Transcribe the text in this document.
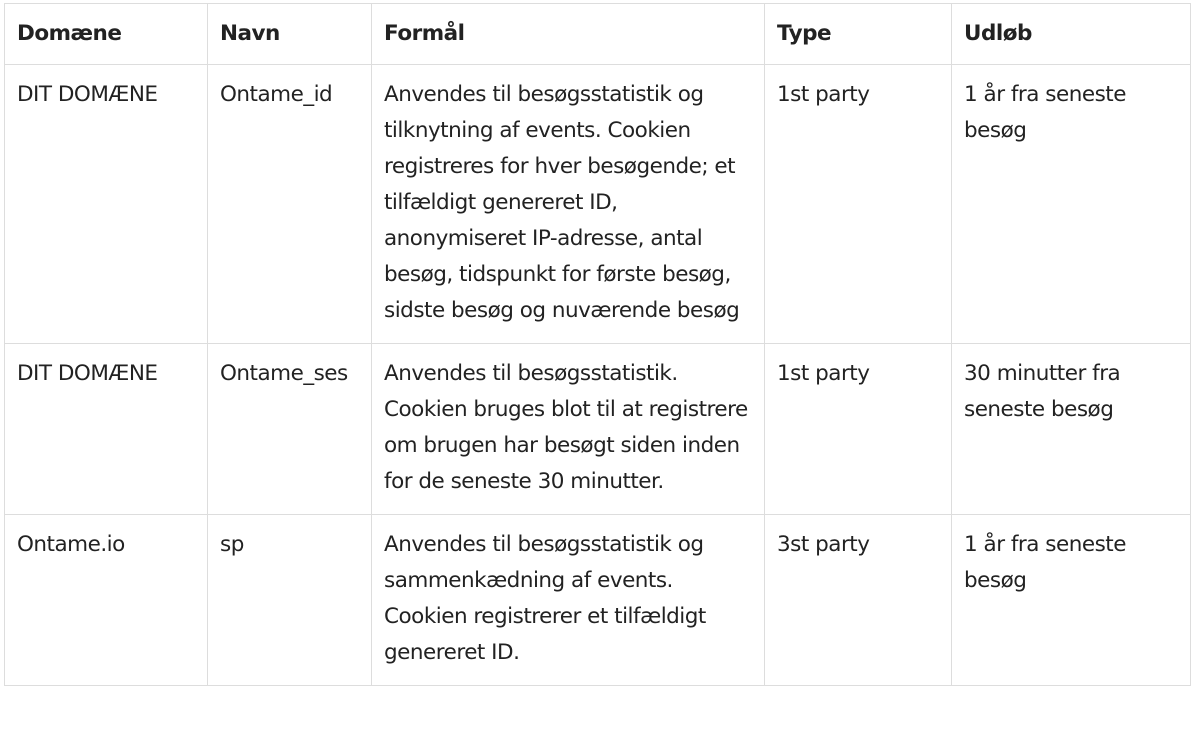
Domæne	Navn	Formål	Type	Udløb
DIT DOMÆNE	Ontame_id	Anvendes til besøgsstatistik og tilknytning af events. Cookien registreres for hver besøgende; et tilfældigt genereret ID, anonymiseret IP-adresse, antal besøg, tidspunkt for første besøg, sidste besøg og nuværende besøg	1st party	1 år fra seneste besøg
DIT DOMÆNE	Ontame_ses	Anvendes til besøgsstatistik. Cookien bruges blot til at registrere om brugen har besøgt siden inden for de seneste 30 minutter.	1st party	30 minutter fra seneste besøg
Ontame.io	sp	Anvendes til besøgsstatistik og sammenkædning af events. Cookien registrerer et tilfældigt genereret ID.	3st party	1 år fra seneste besøg
